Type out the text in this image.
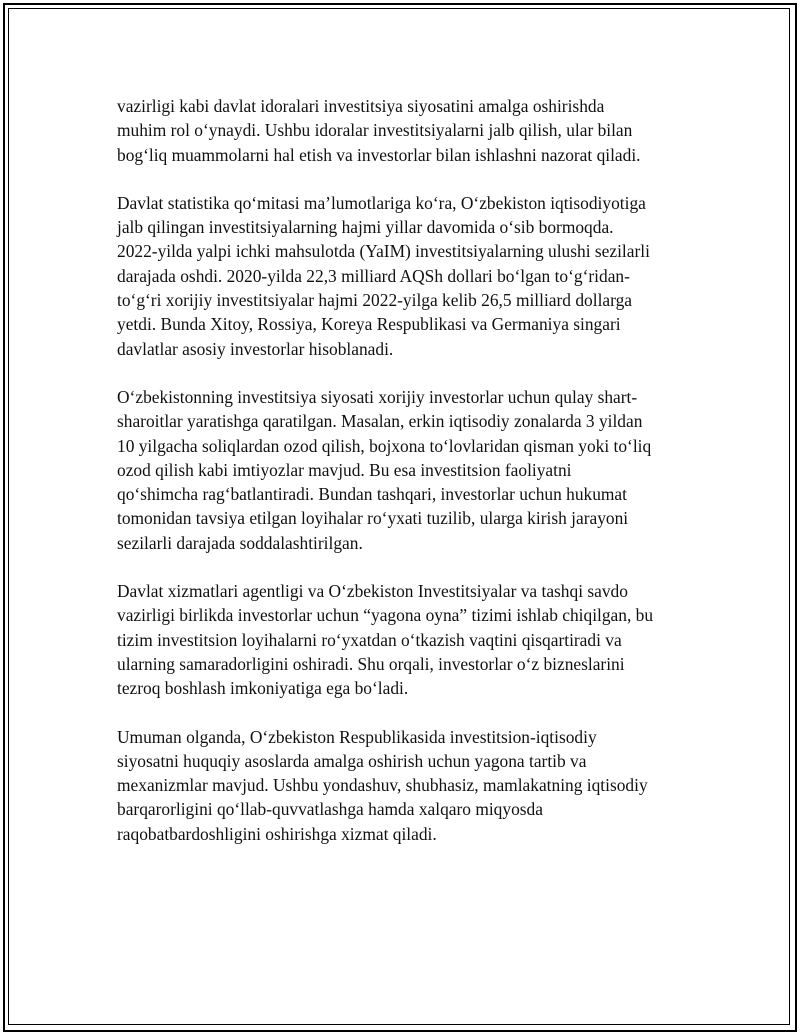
vazirligi kabi davlat idoralari investitsiya siyosatini amalga oshirishda
muhim rol oʻynaydi. Ushbu idoralar investitsiyalarni jalb qilish, ular bilan
bogʻliq muammolarni hal etish va investorlar bilan ishlashni nazorat qiladi.

Davlat statistika qoʻmitasi maʼlumotlariga koʻra, Oʻzbekiston iqtisodiyotiga
jalb qilingan investitsiyalarning hajmi yillar davomida oʻsib bormoqda.
2022-yilda yalpi ichki mahsulotda (YaIM) investitsiyalarning ulushi sezilarli
darajada oshdi. 2020-yilda 22,3 milliard AQSh dollari boʻlgan toʻgʻridan-
toʻgʻri xorijiy investitsiyalar hajmi 2022-yilga kelib 26,5 milliard dollarga
yetdi. Bunda Xitoy, Rossiya, Koreya Respublikasi va Germaniya singari
davlatlar asosiy investorlar hisoblanadi.

Oʻzbekistonning investitsiya siyosati xorijiy investorlar uchun qulay shart-
sharoitlar yaratishga qaratilgan. Masalan, erkin iqtisodiy zonalarda 3 yildan
10 yilgacha soliqlardan ozod qilish, bojxona toʻlovlaridan qisman yoki toʻliq
ozod qilish kabi imtiyozlar mavjud. Bu esa investitsion faoliyatni
qoʻshimcha ragʻbatlantiradi. Bundan tashqari, investorlar uchun hukumat
tomonidan tavsiya etilgan loyihalar roʻyxati tuzilib, ularga kirish jarayoni
sezilarli darajada soddalashtirilgan.

Davlat xizmatlari agentligi va Oʻzbekiston Investitsiyalar va tashqi savdo
vazirligi birlikda investorlar uchun “yagona oyna” tizimi ishlab chiqilgan, bu
tizim investitsion loyihalarni roʻyxatdan oʻtkazish vaqtini qisqartiradi va
ularning samaradorligini oshiradi. Shu orqali, investorlar oʻz bizneslarini
tezroq boshlash imkoniyatiga ega boʻladi.

Umuman olganda, Oʻzbekiston Respublikasida investitsion-iqtisodiy
siyosatni huquqiy asoslarda amalga oshirish uchun yagona tartib va
mexanizmlar mavjud. Ushbu yondashuv, shubhasiz, mamlakatning iqtisodiy
barqarorligini qoʻllab-quvvatlashga hamda xalqaro miqyosda
raqobatbardoshligini oshirishga xizmat qiladi.
